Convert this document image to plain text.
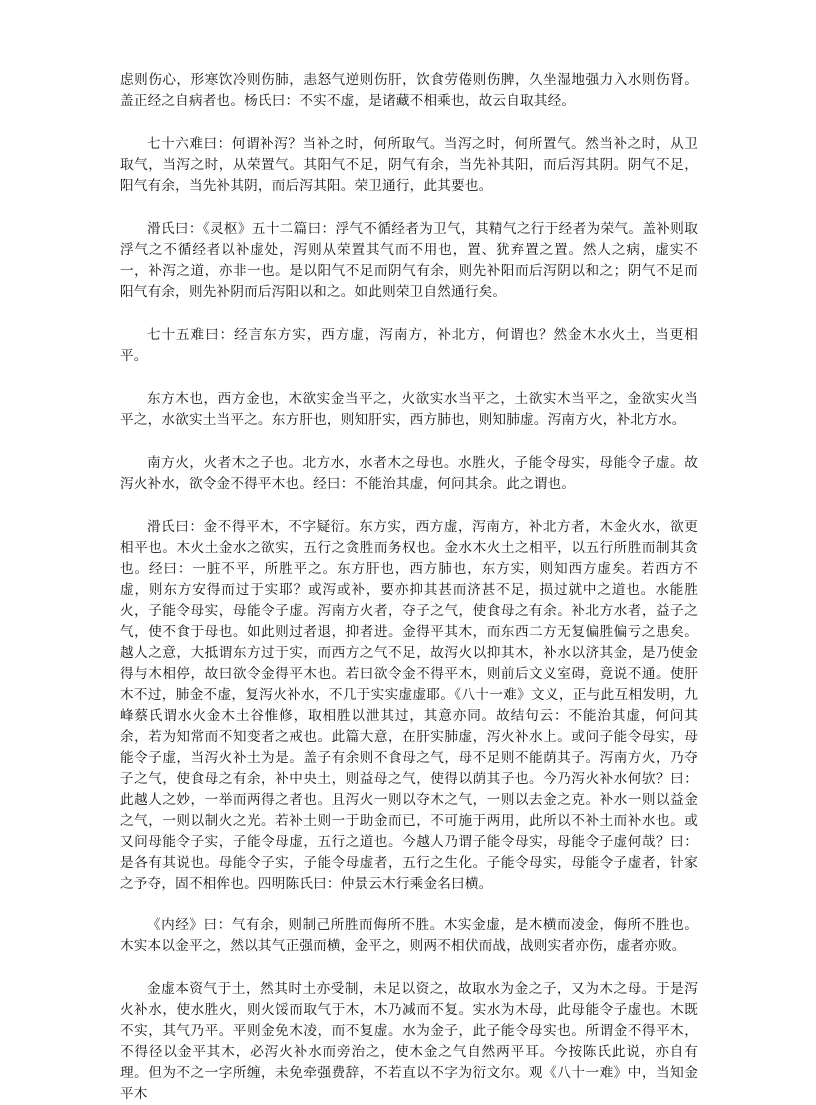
虑则伤心，形寒饮冷则伤肺，恚怒气逆则伤肝，饮食劳倦则伤脾，久坐湿地强力入水则伤肾。盖正经之自病者也。杨氏曰：不实不虚，是诸藏不相乘也，故云自取其经。

七十六难曰：何谓补泻？当补之时，何所取气。当泻之时，何所置气。然当补之时，从卫取气，当泻之时，从荣置气。其阳气不足，阴气有余，当先补其阳，而后泻其阴。阴气不足，阳气有余，当先补其阴，而后泻其阳。荣卫通行，此其要也。

滑氏曰：《灵枢》五十二篇曰：浮气不循经者为卫气，其精气之行于经者为荣气。盖补则取浮气之不循经者以补虚处，泻则从荣置其气而不用也，置、犹弃置之置。然人之病，虚实不一，补泻之道，亦非一也。是以阳气不足而阴气有余，则先补阳而后泻阴以和之；阴气不足而阳气有余，则先补阴而后泻阳以和之。如此则荣卫自然通行矣。

七十五难曰：经言东方实，西方虚，泻南方，补北方，何谓也？然金木水火土，当更相平。

东方木也，西方金也，木欲实金当平之，火欲实水当平之，土欲实木当平之，金欲实火当平之，水欲实土当平之。东方肝也，则知肝实，西方肺也，则知肺虚。泻南方火，补北方水。

南方火，火者木之子也。北方水，水者木之母也。水胜火，子能令母实，母能令子虚。故泻火补水，欲令金不得平木也。经曰：不能治其虚，何问其余。此之谓也。

滑氏曰：金不得平木，不字疑衍。东方实，西方虚，泻南方，补北方者，木金火水，欲更相平也。木火土金水之欲实，五行之贪胜而务权也。金水木火土之相平，以五行所胜而制其贪也。经曰：一脏不平，所胜平之。东方肝也，西方肺也，东方实，则知西方虚矣。若西方不虚，则东方安得而过于实耶？或泻或补，要亦抑其甚而济甚不足，损过就中之道也。水能胜火，子能令母实，母能令子虚。泻南方火者，夺子之气，使食母之有余。补北方水者，益子之气，使不食于母也。如此则过者退，抑者进。金得平其木，而东西二方无复偏胜偏亏之患矣。越人之意，大抵谓东方过于实，而西方之气不足，故泻火以抑其木，补水以济其金，是乃使金得与木相停，故曰欲令金得平木也。若曰欲令金不得平木，则前后文义室碍，竟说不通。使肝木不过，肺金不虚，复泻火补水，不几于实实虚虚耶。《八十一难》文义，正与此互相发明，九峰蔡氏谓水火金木土谷惟修，取相胜以泄其过，其意亦同。故结句云：不能治其虚，何问其余，若为知常而不知变者之戒也。此篇大意，在肝实肺虚，泻火补水上。或问子能令母实，母能令子虚，当泻火补土为是。盖子有余则不食母之气，母不足则不能荫其子。泻南方火，乃夺子之气，使食母之有余，补中央土，则益母之气，使得以荫其子也。今乃泻火补水何欤？曰：此越人之妙，一举而两得之者也。且泻火一则以夺木之气，一则以去金之克。补水一则以益金之气，一则以制火之光。若补土则一于助金而已，不可施于两用，此所以不补土而补水也。或又问母能令子实，子能令母虚，五行之道也。今越人乃谓子能令母实，母能令子虚何哉？曰：是各有其说也。母能令子实，子能令母虚者，五行之生化。子能令母实，母能令子虚者，针家之予夺，固不相侔也。四明陈氏曰：仲景云木行乘金名曰横。

《内经》曰：气有余，则制己所胜而侮所不胜。木实金虚，是木横而凌金，侮所不胜也。木实本以金平之，然以其气正强而横，金平之，则两不相伏而战，战则实者亦伤，虚者亦败。

金虚本资气于土，然其时土亦受制，未足以资之，故取水为金之子，又为木之母。于是泻火补水，使水胜火，则火馁而取气于木，木乃减而不复。实水为木母，此母能令子虚也。木既不实，其气乃平。平则金免木凌，而不复虚。水为金子，此子能令母实也。所谓金不得平木，不得径以金平其木，必泻火补水而旁治之，使木金之气自然两平耳。今按陈氏此说，亦自有理。但为不之一字所缠，未免牵强费辞，不若直以不字为衍文尔。观《八十一难》中，当知金平木
